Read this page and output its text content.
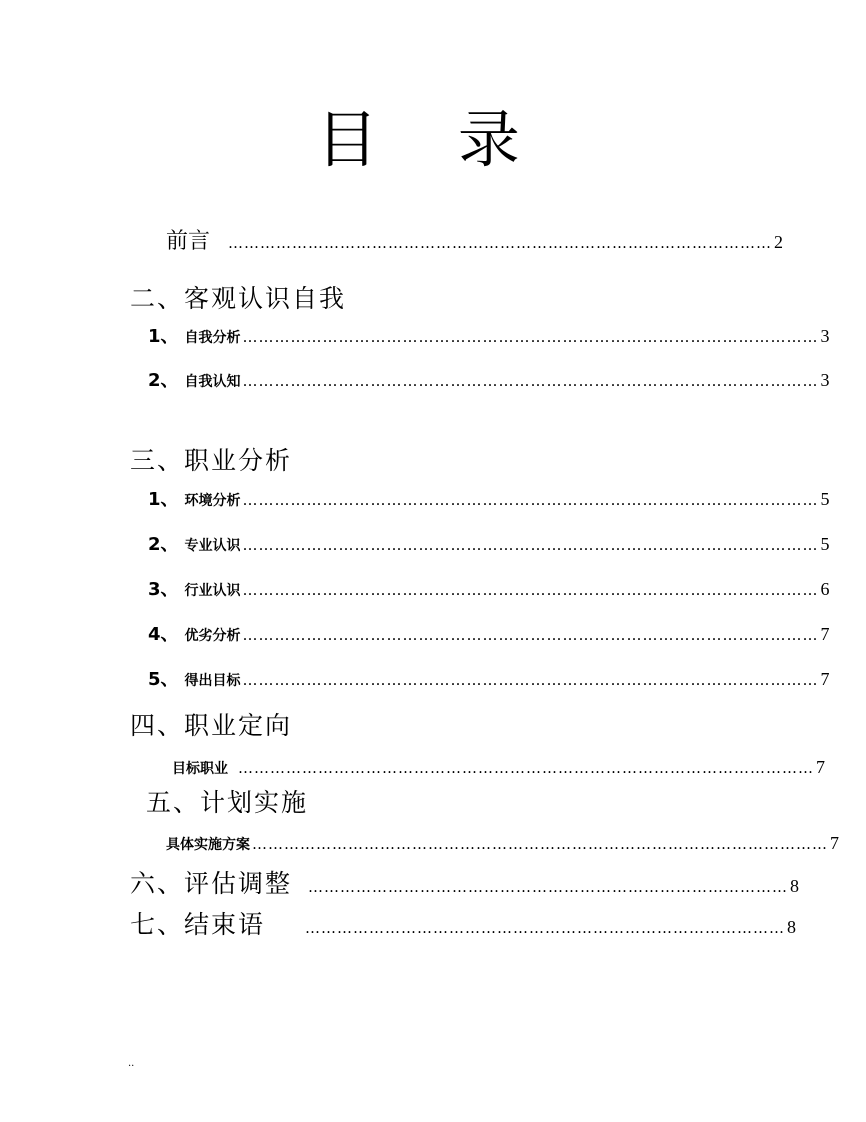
目 录
前言 ………………………………………………………………………………………… 2
二、客观认识自我
1、 自我分析 ……………………………………………………………………………………………… 3
2、 自我认知 ……………………………………………………………………………………………… 3
三、职业分析
1、 环境分析 ……………………………………………………………………………………………… 5
2、 专业认识 ……………………………………………………………………………………………… 5
3、 行业认识 ……………………………………………………………………………………………… 6
4、 优劣分析 ……………………………………………………………………………………………… 7
5、 得出目标 ……………………………………………………………………………………………… 7
四、职业定向
目标职业 ……………………………………………………………………………………………… 7
五、计划实施
具体实施方案 ……………………………………………………………………………………………… 7
六、评估调整 ……………………………………………………………………………… 8
七、结束语	……………………………………………………………………………… 8
..
